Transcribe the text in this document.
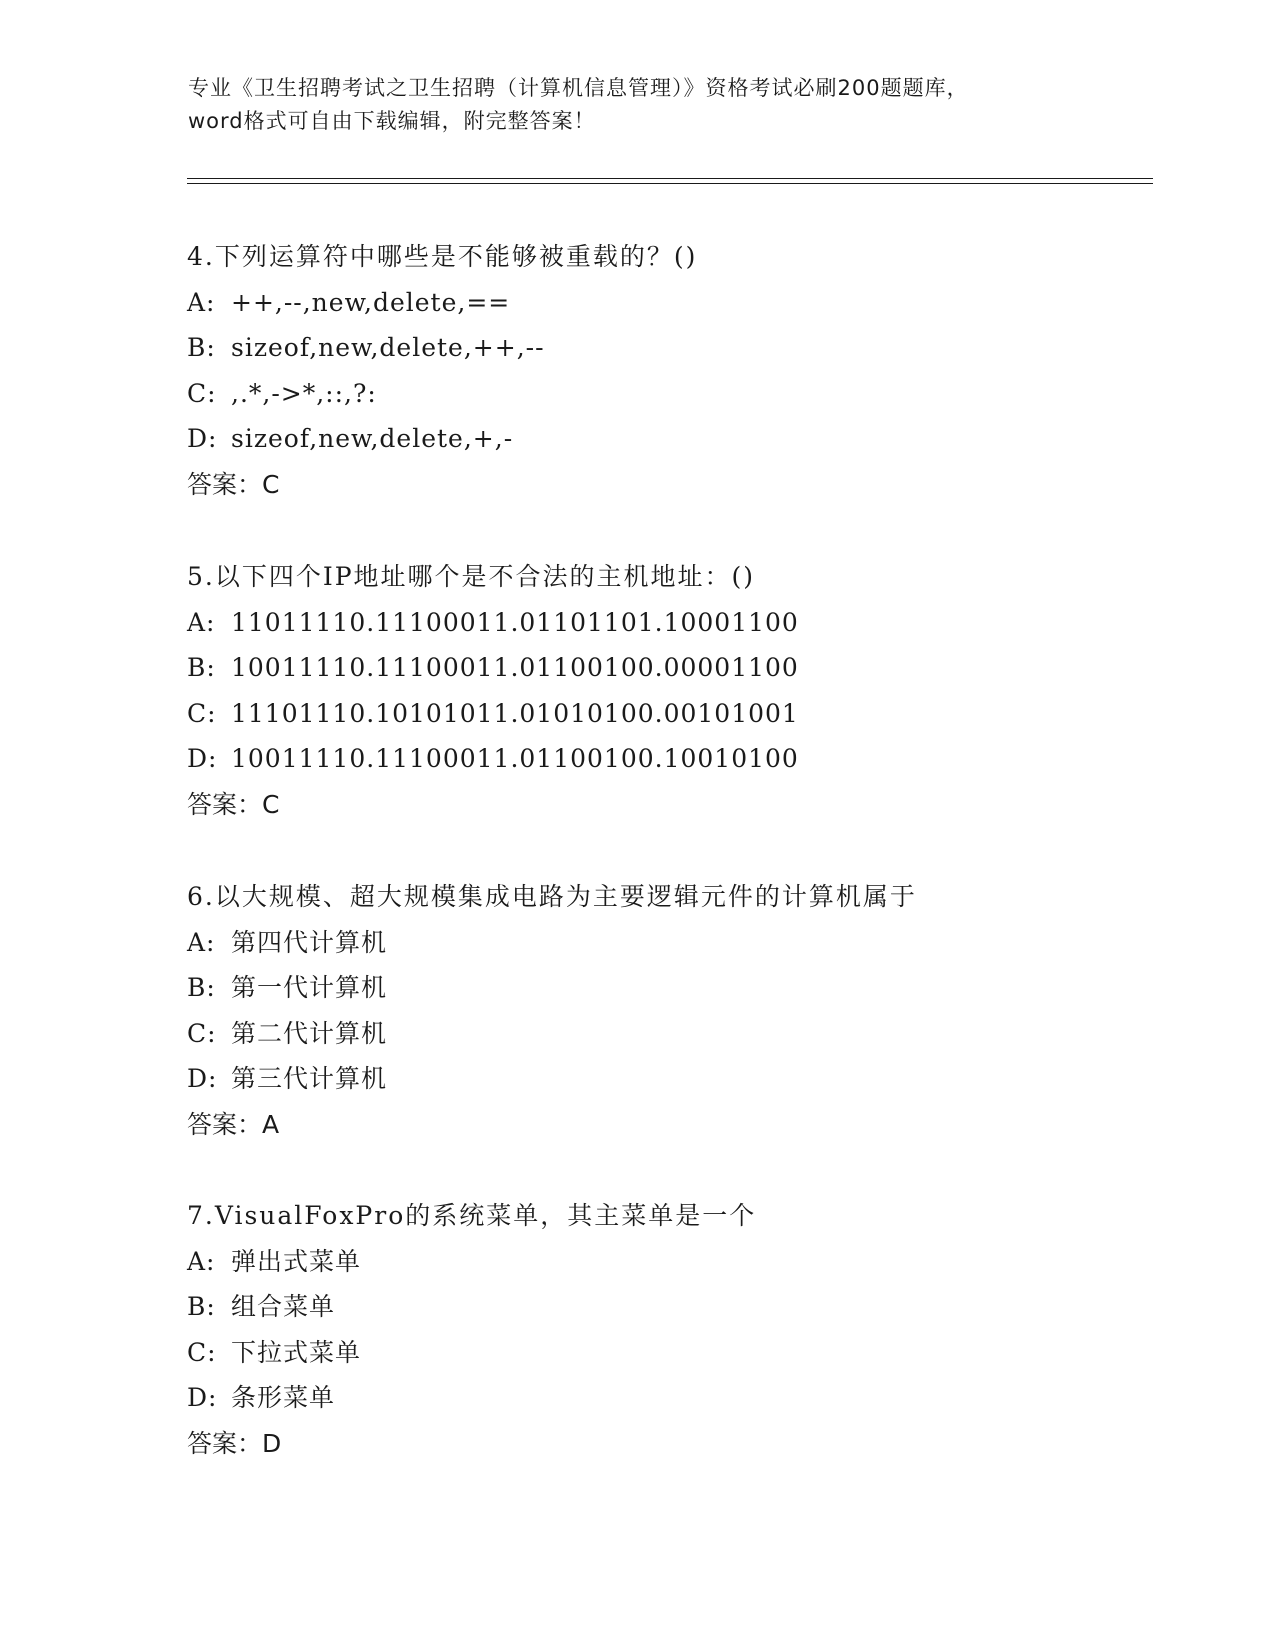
专业《卫生招聘考试之卫生招聘（计算机信息管理）》资格考试必刷200题题库，
word格式可自由下载编辑，附完整答案！
4.下列运算符中哪些是不能够被重载的？()
A: ++,--,new,delete,==
B: sizeof,new,delete,++,--
C: ,.*,->*,::,?:
D: sizeof,new,delete,+,-
答案：C
5.以下四个IP地址哪个是不合法的主机地址：()
A: 11011110.11100011.01101101.10001100
B: 10011110.11100011.01100100.00001100
C: 11101110.10101011.01010100.00101001
D: 10011110.11100011.01100100.10010100
答案：C
6.以大规模、超大规模集成电路为主要逻辑元件的计算机属于
A: 第四代计算机
B: 第一代计算机
C: 第二代计算机
D: 第三代计算机
答案：A
7.VisualFoxPro的系统菜单，其主菜单是一个
A: 弹出式菜单
B: 组合菜单
C: 下拉式菜单
D: 条形菜单
答案：D
